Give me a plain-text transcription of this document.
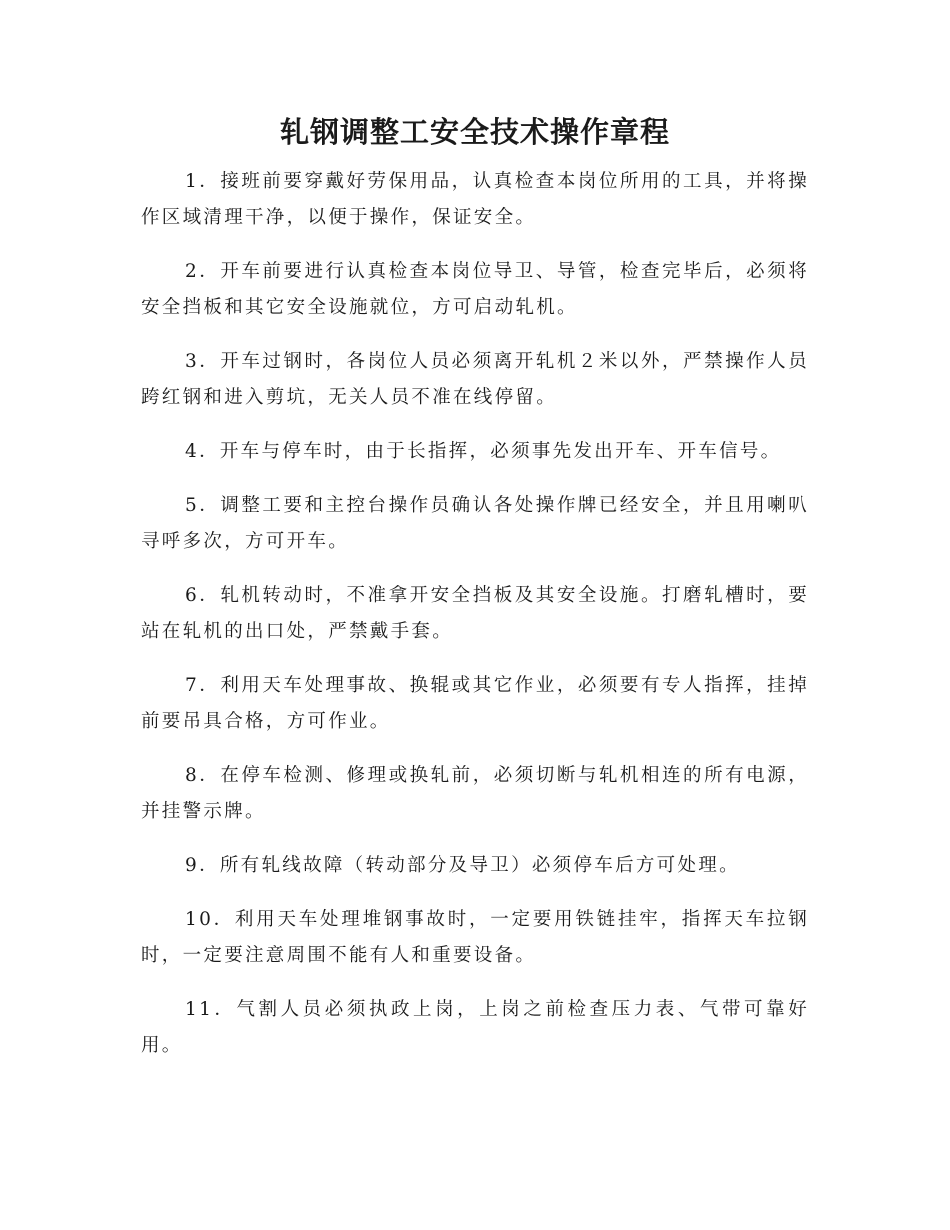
轧钢调整工安全技术操作章程

1．接班前要穿戴好劳保用品，认真检查本岗位所用的工具，并将操作区域清理干净，以便于操作，保证安全。

2．开车前要进行认真检查本岗位导卫、导管，检查完毕后，必须将安全挡板和其它安全设施就位，方可启动轧机。

3．开车过钢时，各岗位人员必须离开轧机２米以外，严禁操作人员跨红钢和进入剪坑，无关人员不准在线停留。

4．开车与停车时，由于长指挥，必须事先发出开车、开车信号。

5．调整工要和主控台操作员确认各处操作牌已经安全，并且用喇叭寻呼多次，方可开车。

6．轧机转动时，不准拿开安全挡板及其安全设施。打磨轧槽时，要站在轧机的出口处，严禁戴手套。

7．利用天车处理事故、换辊或其它作业，必须要有专人指挥，挂掉前要吊具合格，方可作业。

8．在停车检测、修理或换轧前，必须切断与轧机相连的所有电源，并挂警示牌。

9．所有轧线故障（转动部分及导卫）必须停车后方可处理。

10．利用天车处理堆钢事故时，一定要用铁链挂牢，指挥天车拉钢时，一定要注意周围不能有人和重要设备。

11．气割人员必须执政上岗，上岗之前检查压力表、气带可靠好用。
